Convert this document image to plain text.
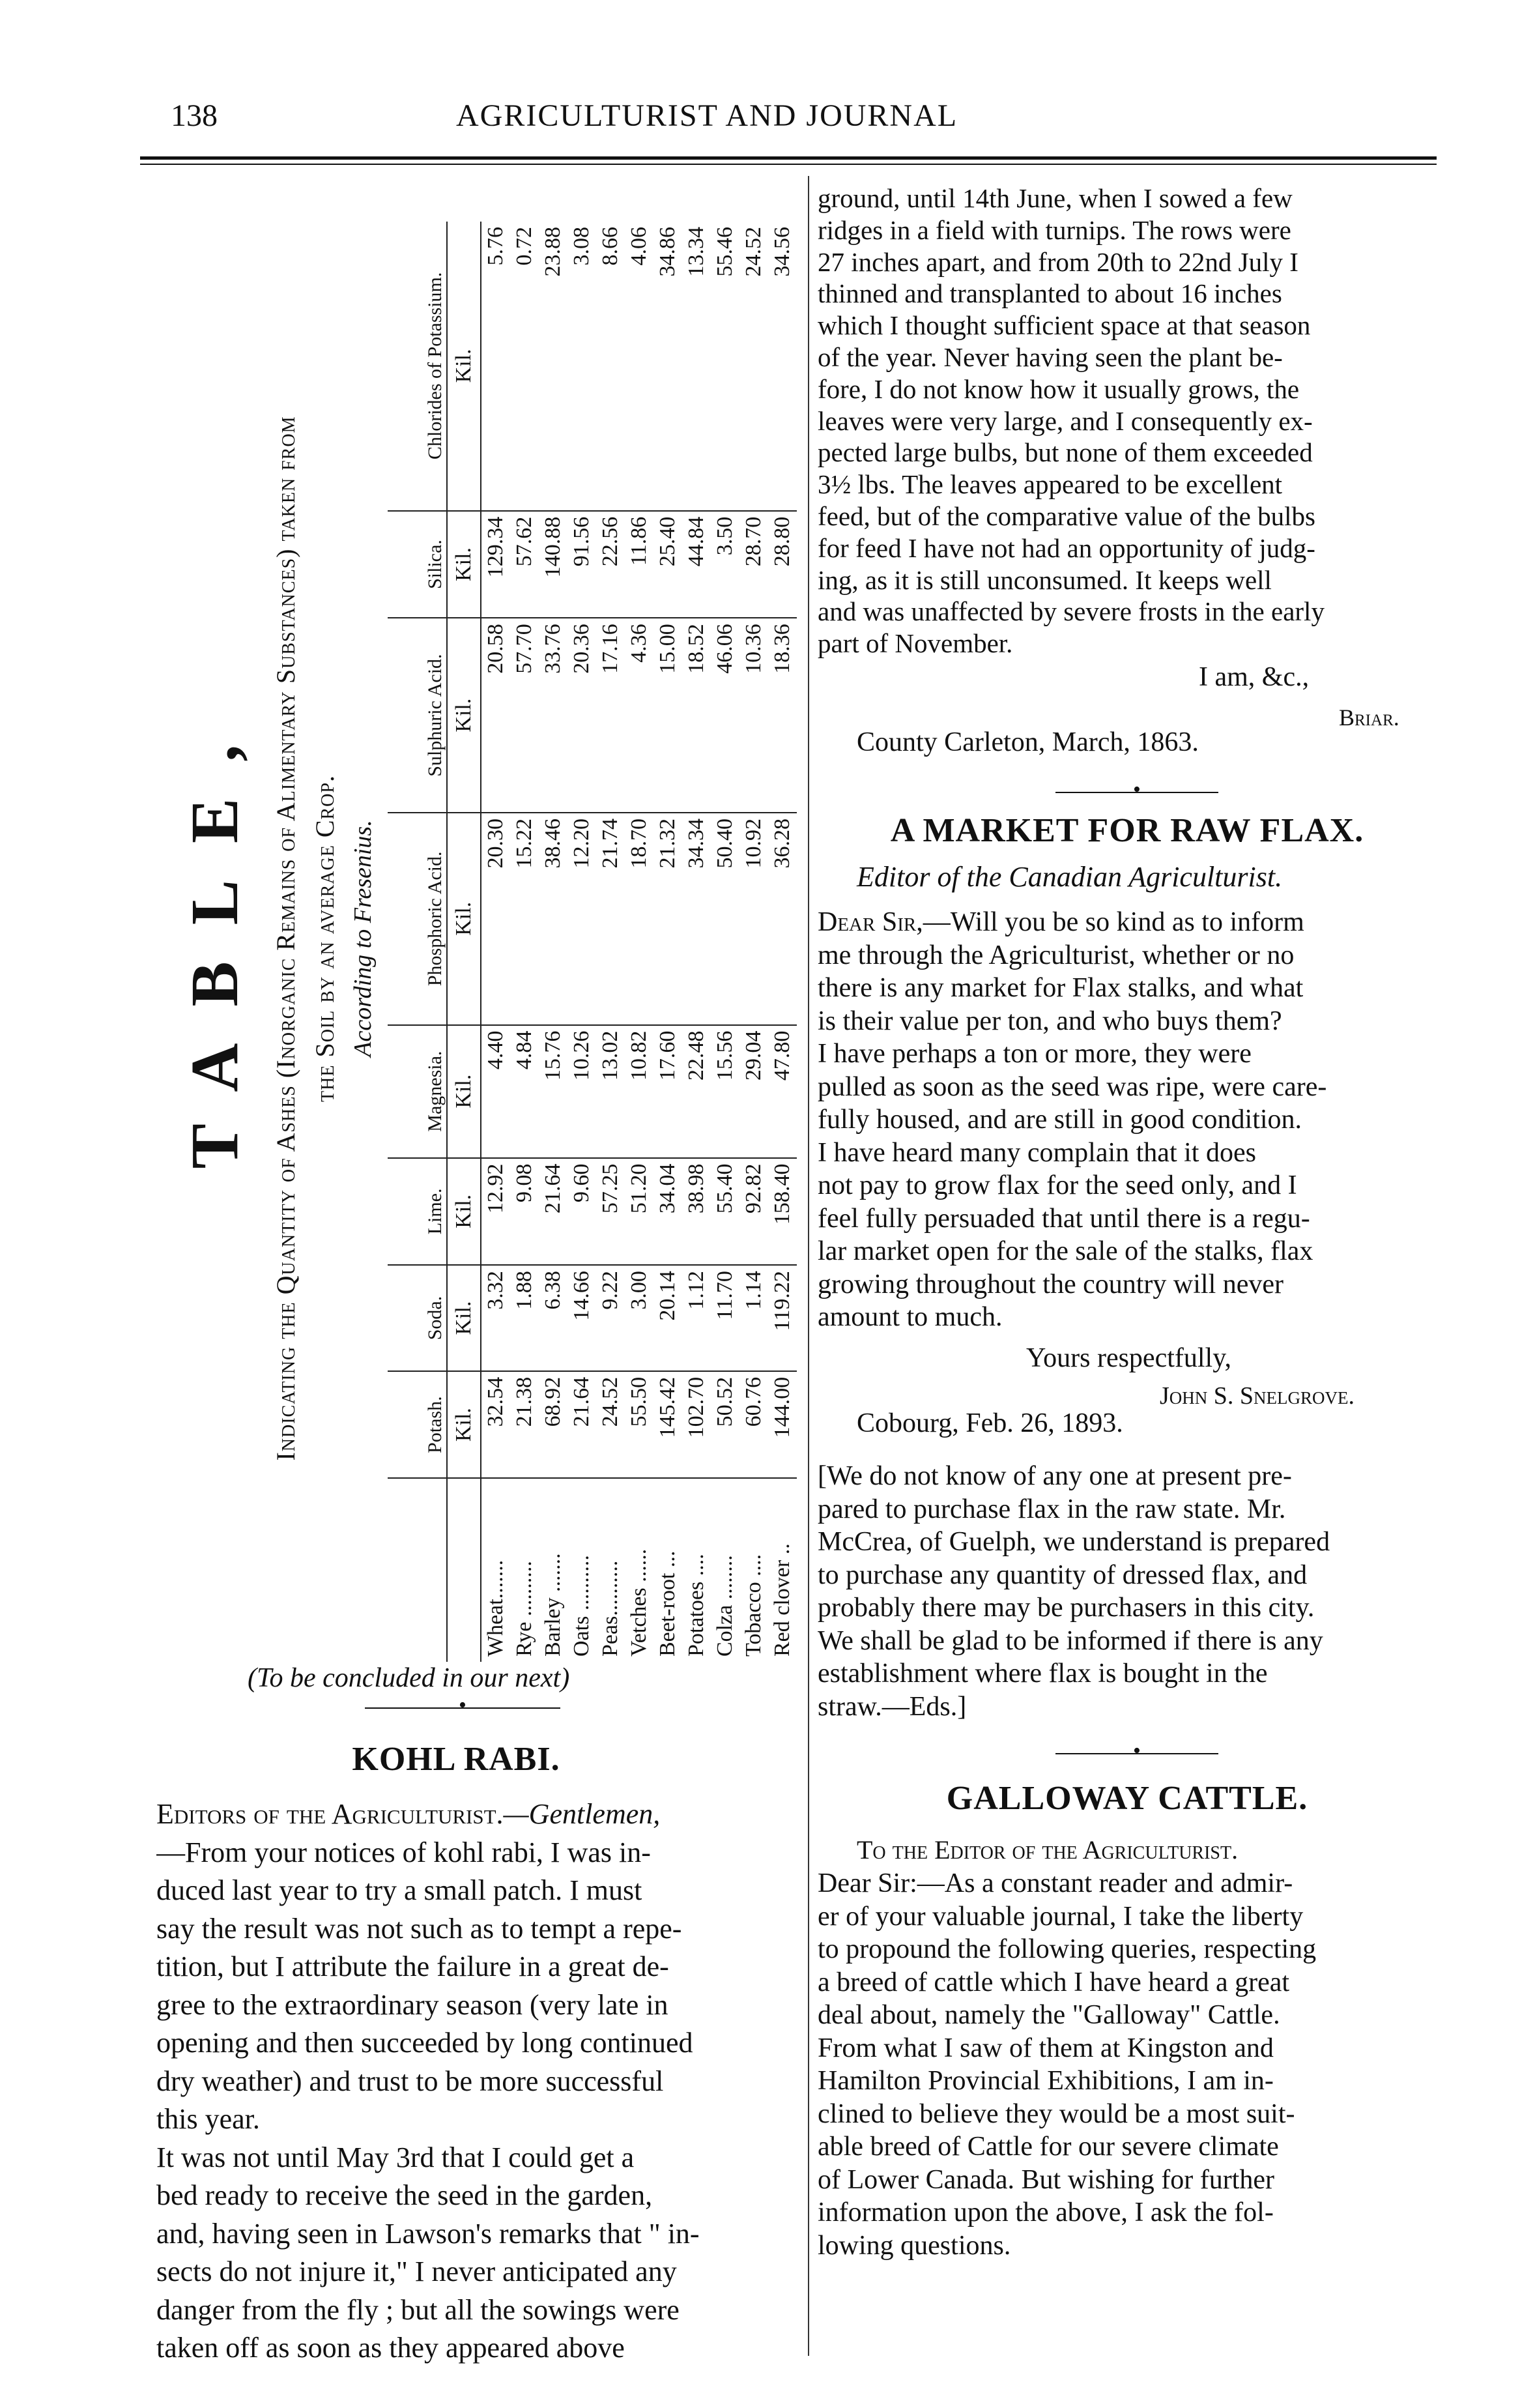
138	AGRICULTURIST AND JOURNAL
TABLE, Indicating the Quantity of Ashes (Inorganic Remains of Alimentary Substances) taken from the Soil by an average Crop. According to Fresenius.
	Potash.	Soda.	Lime.	Magnesia.	Phosphoric Acid.	Sulphuric Acid.	Silica.	Chlorides of Potassium.
	Kil.	Kil.	Kil.	Kil.	Kil.	Kil.	Kil.	Kil.
Wheat.......	32.54	3.32	12.92	4.40	20.30	20.58	129.34	5.76
Rye ..........	21.38	1.88	9.08	4.84	15.22	57.70	57.62	0.72
Barley .......	68.92	6.38	21.64	15.76	38.46	33.76	140.88	23.88
Oats ..........	21.64	14.66	9.60	10.26	12.20	20.36	91.56	3.08
Peas..........	24.52	9.22	57.25	13.02	21.74	17.16	22.56	8.66
Vetches ......	55.50	3.00	51.20	10.82	18.70	4.36	11.86	4.06
Beet-root ...	145.42	20.14	34.04	17.60	21.32	15.00	25.40	34.86
Potatoes ....	102.70	1.12	38.98	22.48	34.34	18.52	44.84	13.34
Colza ........	50.52	11.70	55.40	15.56	50.40	46.06	3.50	55.46
Tobacco ....	60.76	1.14	92.82	29.04	10.92	10.36	28.70	24.52
Red clover ..	144.00	119.22	158.40	47.80	36.28	18.36	28.80	34.56
(To be concluded in our next)
•
KOHL RABI.
Editors of the Agriculturist.—Gentlemen,
—From your notices of kohl rabi, I was in-
duced last year to try a small patch. I must
say the result was not such as to tempt a repe-
tition, but I attribute the failure in a great de-
gree to the extraordinary season (very late in
opening and then succeeded by long continued
dry weather) and trust to be more successful
this year.
It was not until May 3rd that I could get a
bed ready to receive the seed in the garden,
and, having seen in Lawson's remarks that " in-
sects do not injure it," I never anticipated any
danger from the fly ; but all the sowings were
taken off as soon as they appeared above
ground, until 14th June, when I sowed a few
ridges in a field with turnips. The rows were
27 inches apart, and from 20th to 22nd July I
thinned and transplanted to about 16 inches
which I thought sufficient space at that season
of the year. Never having seen the plant be-
fore, I do not know how it usually grows, the
leaves were very large, and I consequently ex-
pected large bulbs, but none of them exceeded
3½ lbs. The leaves appeared to be excellent
feed, but of the comparative value of the bulbs
for feed I have not had an opportunity of judg-
ing, as it is still unconsumed. It keeps well
and was unaffected by severe frosts in the early
part of November.
I am, &c.,
Briar.
County Carleton, March, 1863.
•
A MARKET FOR RAW FLAX.
Editor of the Canadian Agriculturist.
Dear Sir,—Will you be so kind as to inform
me through the Agriculturist, whether or no
there is any market for Flax stalks, and what
is their value per ton, and who buys them?
I have perhaps a ton or more, they were
pulled as soon as the seed was ripe, were care-
fully housed, and are still in good condition.
I have heard many complain that it does
not pay to grow flax for the seed only, and I
feel fully persuaded that until there is a regu-
lar market open for the sale of the stalks, flax
growing throughout the country will never
amount to much.
Yours respectfully,
John S. Snelgrove.
Cobourg, Feb. 26, 1893.
[We do not know of any one at present pre-
pared to purchase flax in the raw state. Mr.
McCrea, of Guelph, we understand is prepared
to purchase any quantity of dressed flax, and
probably there may be purchasers in this city.
We shall be glad to be informed if there is any
establishment where flax is bought in the
straw.—Eds.]
•
GALLOWAY CATTLE.
To the Editor of the Agriculturist.
Dear Sir:—As a constant reader and admir-
er of your valuable journal, I take the liberty
to propound the following queries, respecting
a breed of cattle which I have heard a great
deal about, namely the "Galloway" Cattle.
From what I saw of them at Kingston and
Hamilton Provincial Exhibitions, I am in-
clined to believe they would be a most suit-
able breed of Cattle for our severe climate
of Lower Canada. But wishing for further
information upon the above, I ask the fol-
lowing questions.
